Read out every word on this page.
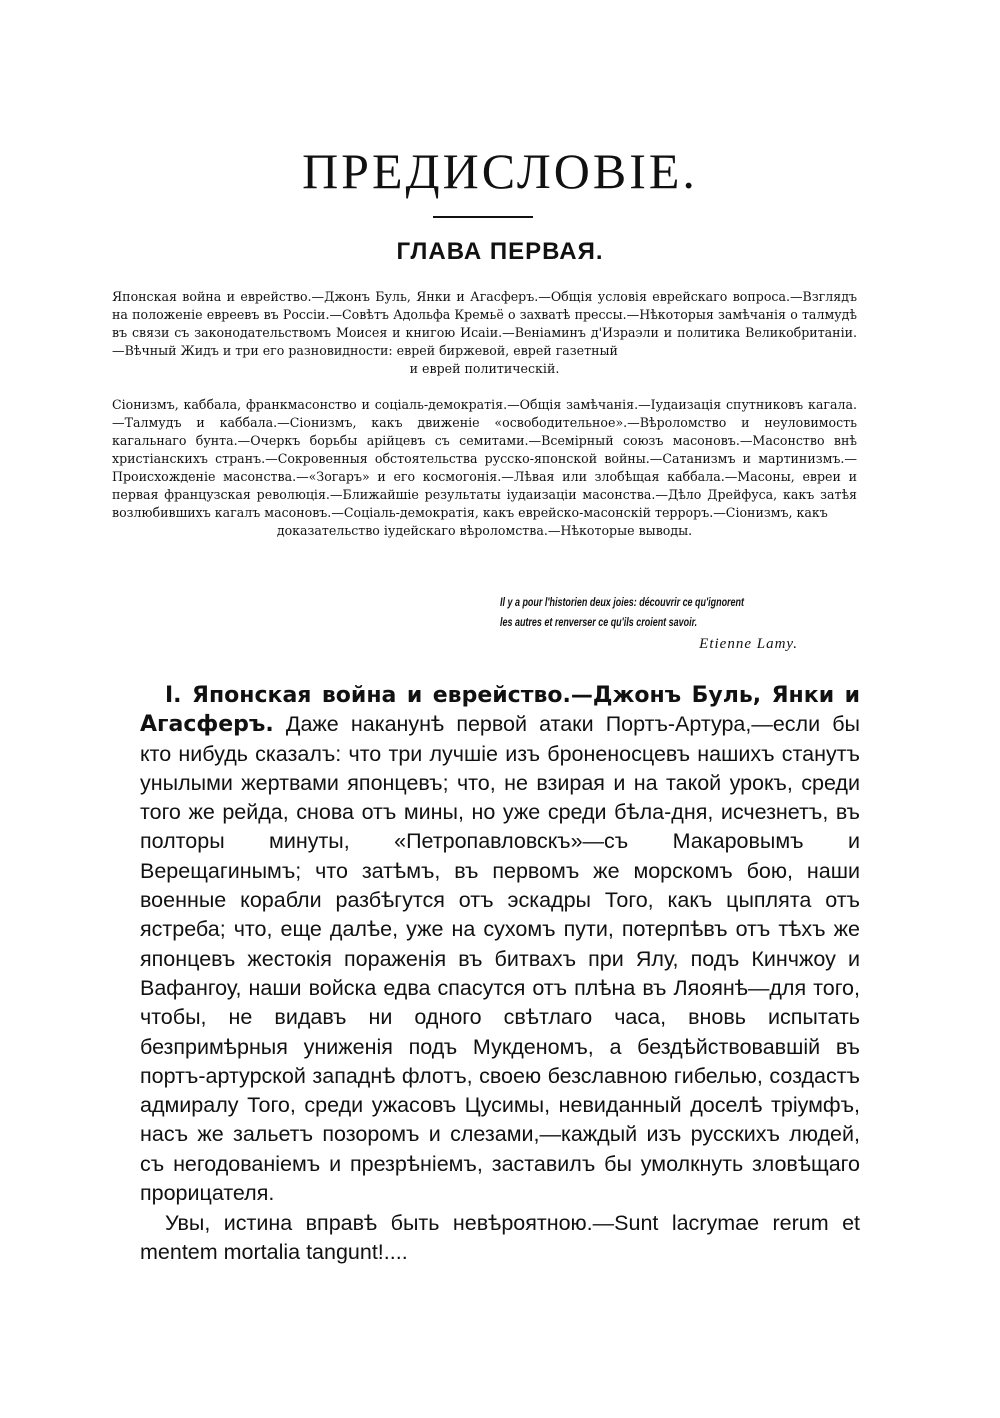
ПРЕДИСЛОВІЕ.
ГЛАВА ПЕРВАЯ.

Японская война и еврейство.—Джонъ Буль, Янки и Агасферъ.—Общія условія еврейскаго вопроса.—Взглядъ на положеніе евреевъ въ Россіи.—Совѣтъ Адольфа Кремьё о захватѣ прессы.—Нѣкоторыя замѣчанія о талмудѣ въ связи съ законодательствомъ Моисея и книгою Исаіи.—Веніаминъ д'Израэли и политика Великобританіи.—Вѣчный Жидъ и три его разновидности: еврей биржевой, еврей газетный
и еврей политическій.

Сіонизмъ, каббала, франкмасонство и соціаль-демократія.—Общія замѣчанія.—Іудаизація спутниковъ кагала.—Талмудъ и каббала.—Сіонизмъ, какъ движеніе «освободительное».—Вѣроломство и неуловимость кагальнаго бунта.—Очеркъ борьбы арійцевъ съ семитами.—Всемірный союзъ масоновъ.—Масонство внѣ христіанскихъ странъ.—Сокровенныя обстоятельства русско-японской войны.—Сатанизмъ и мартинизмъ.—Происхожденіе масонства.—«Зогаръ» и его космогонія.—Лѣвая или злобѣщая каббала.—Масоны, евреи и первая французская революція.—Ближайшіе результаты іудаизаціи масонства.—Дѣло Дрейфуса, какъ затѣя возлюбившихъ кагалъ масоновъ.—Соціаль-демократія, какъ еврейско-масонскій терроръ.—Сіонизмъ, какъ
доказательство іудейскаго вѣроломства.—Нѣкоторые выводы.

Il y a pour l'historien deux joies: découvrir ce qu'ignorent
les autres et renverser ce qu'ils croient savoir.

Etienne Lamy.

I. Японская война и еврейство.—Джонъ Буль, Янки и Агасферъ. Даже наканунѣ первой атаки Портъ-Артура,—если бы кто нибудь сказалъ: что три лучшіе изъ броненосцевъ нашихъ станутъ унылыми жертвами японцевъ; что, не взирая и на такой урокъ, среди того же рейда, снова отъ мины, но уже среди бѣла-дня, исчезнетъ, въ полторы минуты, «Петропавловскъ»—съ Макаровымъ и Верещагинымъ; что затѣмъ, въ первомъ же морскомъ бою, наши военные корабли разбѣгутся отъ эскадры Того, какъ цыплята отъ ястреба; что, еще далѣе, уже на сухомъ пути, потерпѣвъ отъ тѣхъ же японцевъ жестокія пораженія въ битвахъ при Ялу, подъ Кинчжоу и Вафангоу, наши войска едва спасутся отъ плѣна въ Ляоянѣ—для того, чтобы, не видавъ ни одного свѣтлаго часа, вновь испытать безпримѣрныя униженія подъ Мукденомъ, а бездѣйствовавшій въ портъ-артурской западнѣ флотъ, своею безславною гибелью, создастъ адмиралу Того, среди ужасовъ Цусимы, невиданный доселѣ тріумфъ, насъ же зальетъ позоромъ и слезами,—каждый изъ русскихъ людей, съ негодованіемъ и презрѣніемъ, заставилъ бы умолкнуть зловѣщаго прорицателя.

Увы, истина вправѣ быть невѣроятною.—Sunt lacrymae rerum et mentem mortalia tangunt!....
